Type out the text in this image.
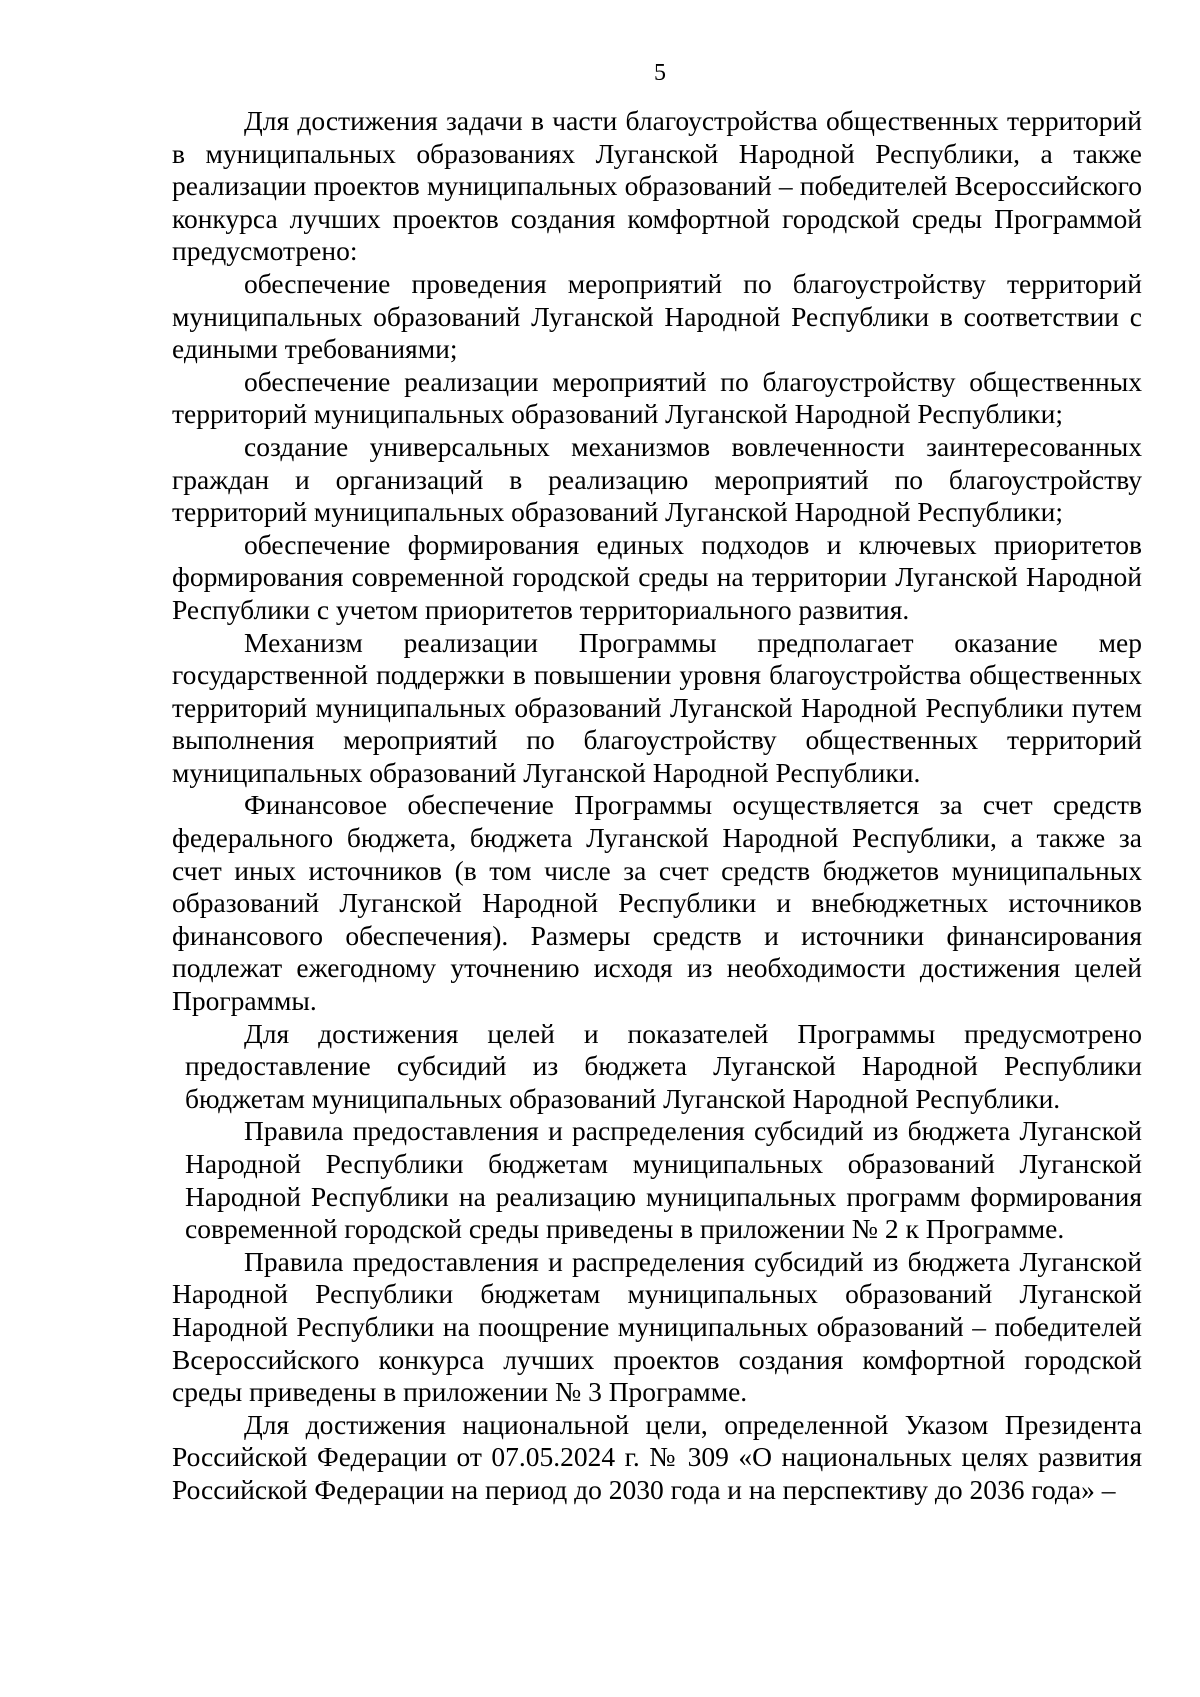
5

Для достижения задачи в части благоустройства общественных территорий в муниципальных образованиях Луганской Народной Республики, а также реализации проектов муниципальных образований – победителей Всероссийского конкурса лучших проектов создания комфортной городской среды Программой предусмотрено:

обеспечение проведения мероприятий по благоустройству территорий муниципальных образований Луганской Народной Республики в соответствии с едиными требованиями;

обеспечение реализации мероприятий по благоустройству общественных территорий муниципальных образований Луганской Народной Республики;

создание универсальных механизмов вовлеченности заинтересованных граждан и организаций в реализацию мероприятий по благоустройству территорий муниципальных образований Луганской Народной Республики;

обеспечение формирования единых подходов и ключевых приоритетов формирования современной городской среды на территории Луганской Народной Республики с учетом приоритетов территориального развития.

Механизм реализации Программы предполагает оказание мер государственной поддержки в повышении уровня благоустройства общественных территорий муниципальных образований Луганской Народной Республики путем выполнения мероприятий по благоустройству общественных территорий муниципальных образований Луганской Народной Республики.

Финансовое обеспечение Программы осуществляется за счет средств федерального бюджета, бюджета Луганской Народной Республики, а также за счет иных источников (в том числе за счет средств бюджетов муниципальных образований Луганской Народной Республики и внебюджетных источников финансового обеспечения). Размеры средств и источники финансирования подлежат ежегодному уточнению исходя из необходимости достижения целей Программы.

Для достижения целей и показателей Программы предусмотрено предоставление субсидий из бюджета Луганской Народной Республики бюджетам муниципальных образований Луганской Народной Республики.

Правила предоставления и распределения субсидий из бюджета Луганской Народной Республики бюджетам муниципальных образований Луганской Народной Республики на реализацию муниципальных программ формирования современной городской среды приведены в приложении № 2 к Программе.

Правила предоставления и распределения субсидий из бюджета Луганской Народной Республики бюджетам муниципальных образований Луганской Народной Республики на поощрение муниципальных образований – победителей Всероссийского конкурса лучших проектов создания комфортной городской среды приведены в приложении № 3 Программе.

Для достижения национальной цели, определенной Указом Президента Российской Федерации от 07.05.2024 г. № 309 «О национальных целях развития Российской Федерации на период до 2030 года и на перспективу до 2036 года» –
